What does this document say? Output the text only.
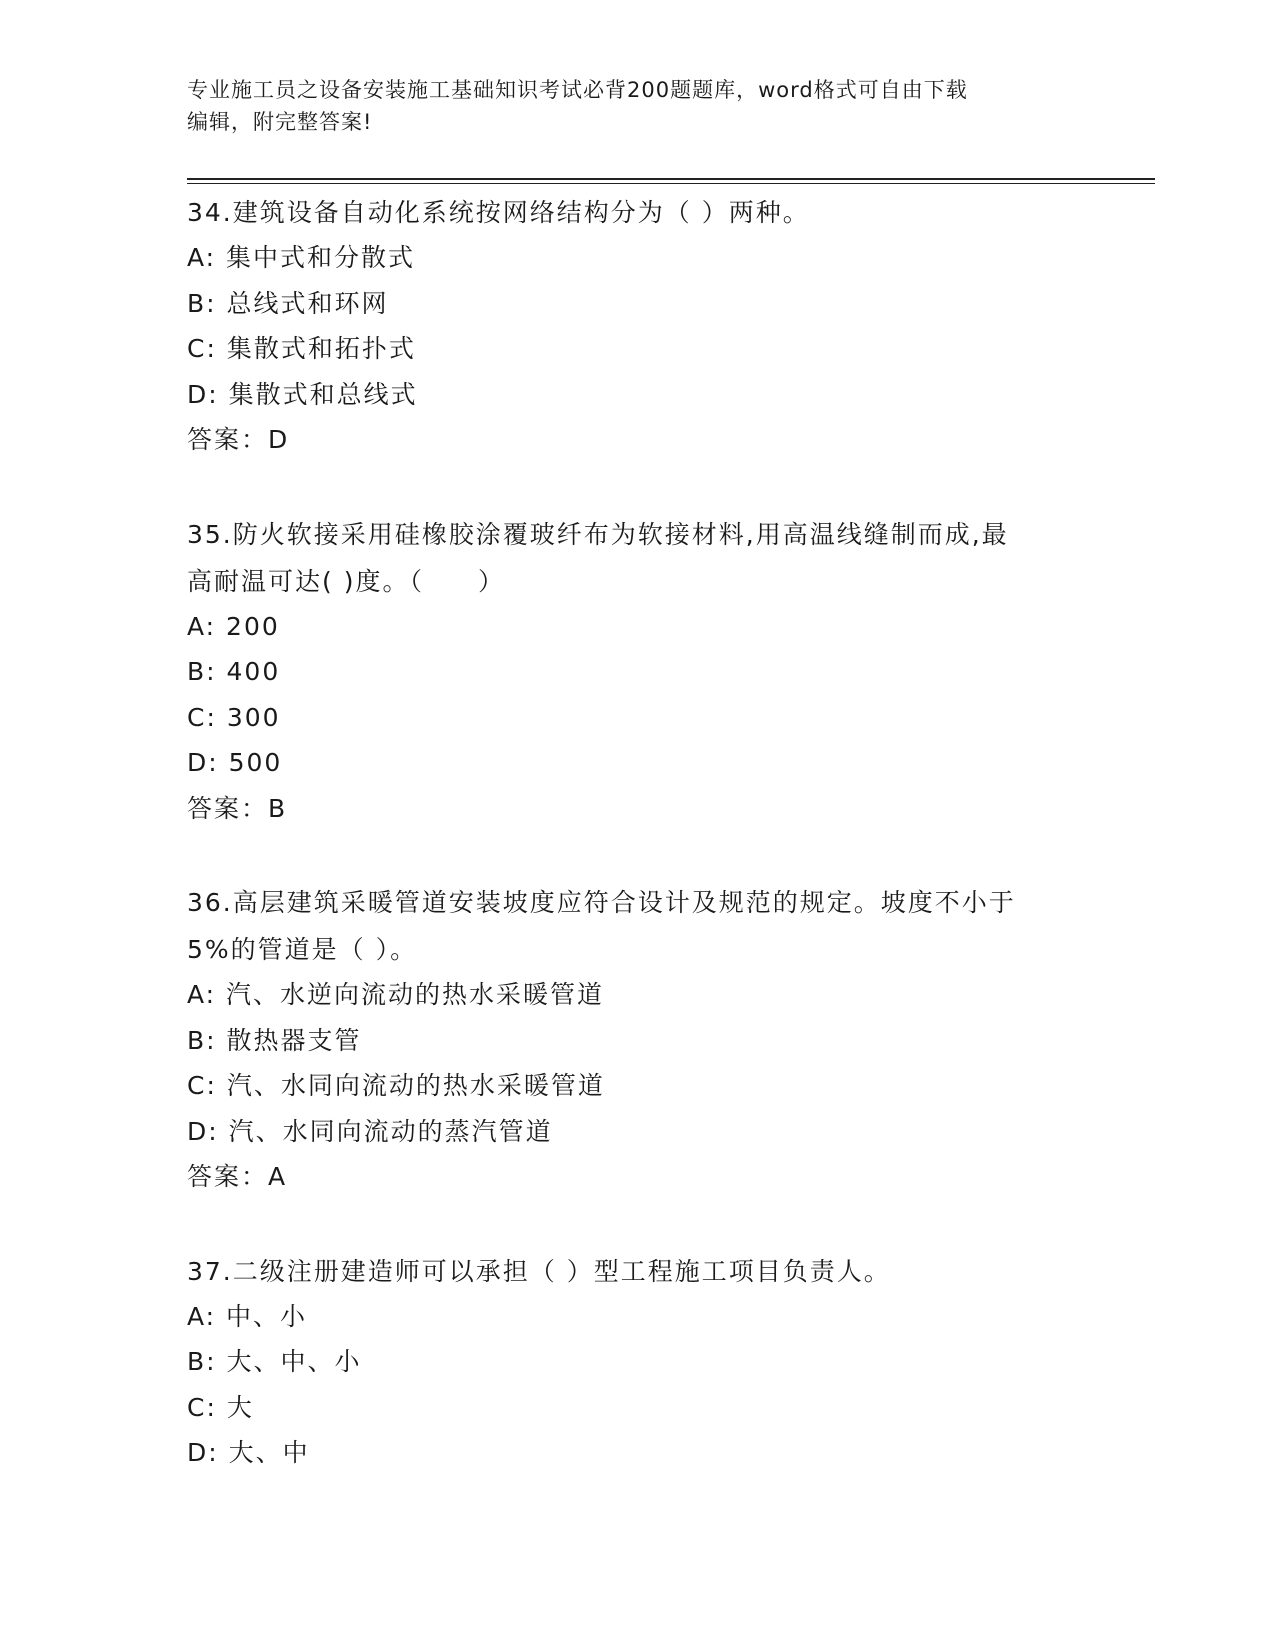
专业施工员之设备安装施工基础知识考试必背200题题库，word格式可自由下载
编辑，附完整答案!
34.建筑设备自动化系统按网络结构分为（ ）两种。
A: 集中式和分散式
B: 总线式和环网
C: 集散式和拓扑式
D: 集散式和总线式
答案：D
35.防火软接采用硅橡胶涂覆玻纤布为软接材料,用高温线缝制而成,最
高耐温可达( )度。（　　）
A: 200
B: 400
C: 300
D: 500
答案：B
36.高层建筑采暖管道安装坡度应符合设计及规范的规定。坡度不小于
5%的管道是（ ）。
A: 汽、水逆向流动的热水采暖管道
B: 散热器支管
C: 汽、水同向流动的热水采暖管道
D: 汽、水同向流动的蒸汽管道
答案：A
37.二级注册建造师可以承担（ ）型工程施工项目负责人。
A: 中、小
B: 大、中、小
C: 大
D: 大、中
